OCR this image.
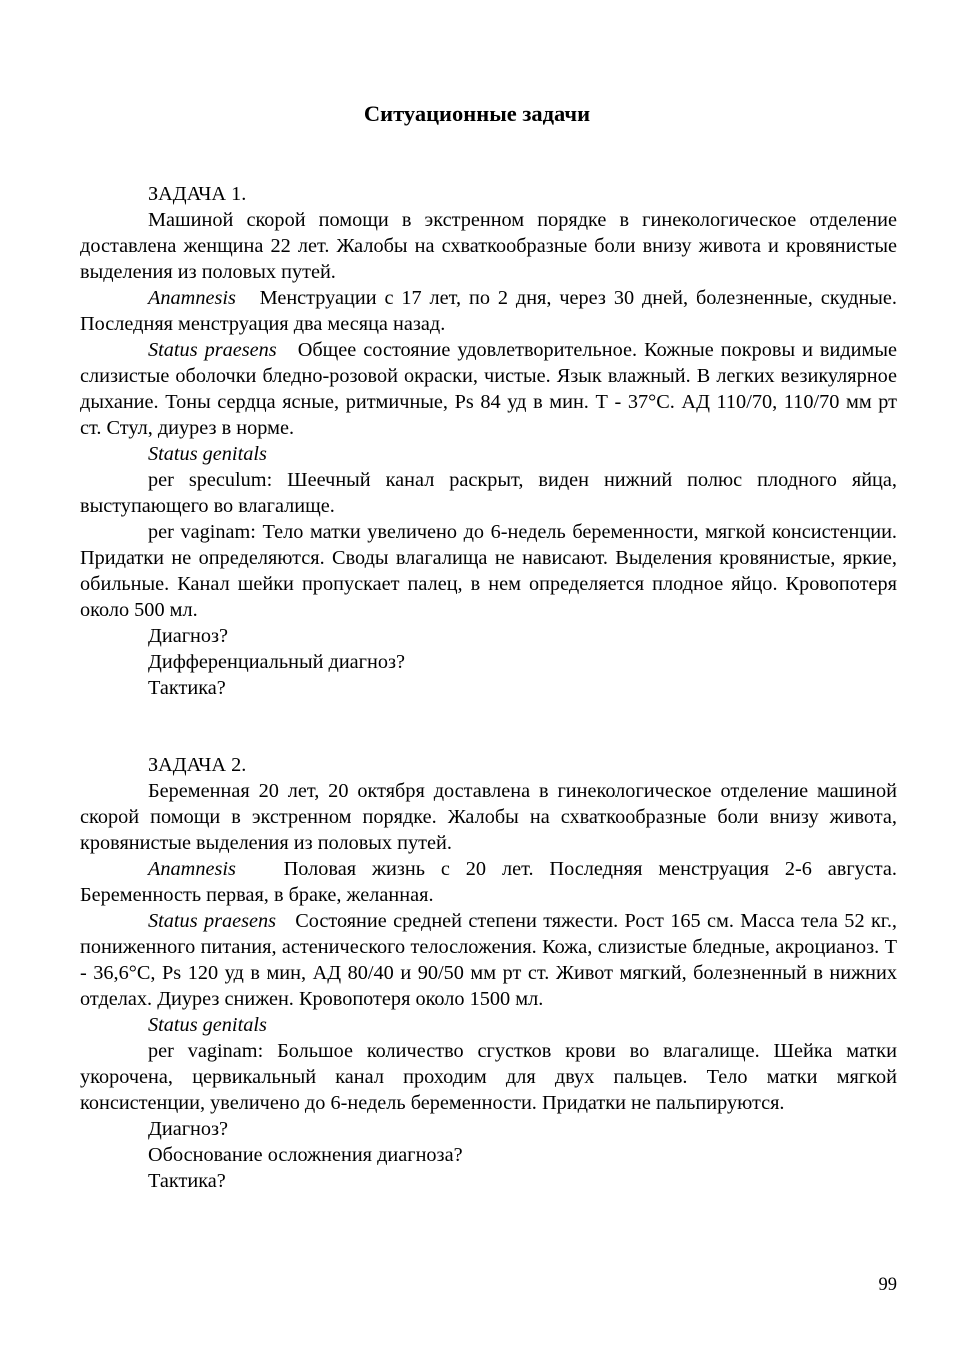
Ситуационные задачи

ЗАДАЧА 1.

Машиной скорой помощи в экстренном порядке в гинекологическое отделение доставлена женщина 22 лет. Жалобы на схваткообразные боли внизу живота и кровянистые выделения из половых путей.

Anamnesis Менструации с 17 лет, по 2 дня, через 30 дней, болезненные, скудные. Последняя менструация два месяца назад.

Status praesens Общее состояние удовлетворительное. Кожные покровы и видимые слизистые оболочки бледно-розовой окраски, чистые. Язык влажный. В легких везикулярное дыхание. Тоны сердца ясные, ритмичные, Ps 84 уд в мин. Т - 37°С. АД 110/70, 110/70 мм рт ст. Стул, диурез в норме.

Status genitals

per speculum: Шеечный канал раскрыт, виден нижний полюс плодного яйца, выступающего во влагалище.

per vaginam: Тело матки увеличено до 6-недель беременности, мягкой консистенции. Придатки не определяются. Своды влагалища не нависают. Выделения кровянистые, яркие, обильные. Канал шейки пропускает палец, в нем определяется плодное яйцо. Кровопотеря около 500 мл.

Диагноз?

Дифференциальный диагноз?

Тактика?

ЗАДАЧА 2.

Беременная 20 лет, 20 октября доставлена в гинекологическое отделение машиной скорой помощи в экстренном порядке. Жалобы на схваткообразные боли внизу живота, кровянистые выделения из половых путей.

Anamnesis Половая жизнь с 20 лет. Последняя менструация 2-6 августа. Беременность первая, в браке, желанная.

Status praesens Состояние средней степени тяжести. Рост 165 см. Масса тела 52 кг., пониженного питания, астенического телосложения. Кожа, слизистые бледные, акроцианоз. Т - 36,6°С, Ps 120 уд в мин, АД 80/40 и 90/50 мм рт ст. Живот мягкий, болезненный в нижних отделах. Диурез снижен. Кровопотеря около 1500 мл.

Status genitals

per vaginam: Большое количество сгустков крови во влагалище. Шейка матки укорочена, цервикальный канал проходим для двух пальцев. Тело матки мягкой консистенции, увеличено до 6-недель беременности. Придатки не пальпируются.

Диагноз?

Обоснование осложнения диагноза?

Тактика?

99
